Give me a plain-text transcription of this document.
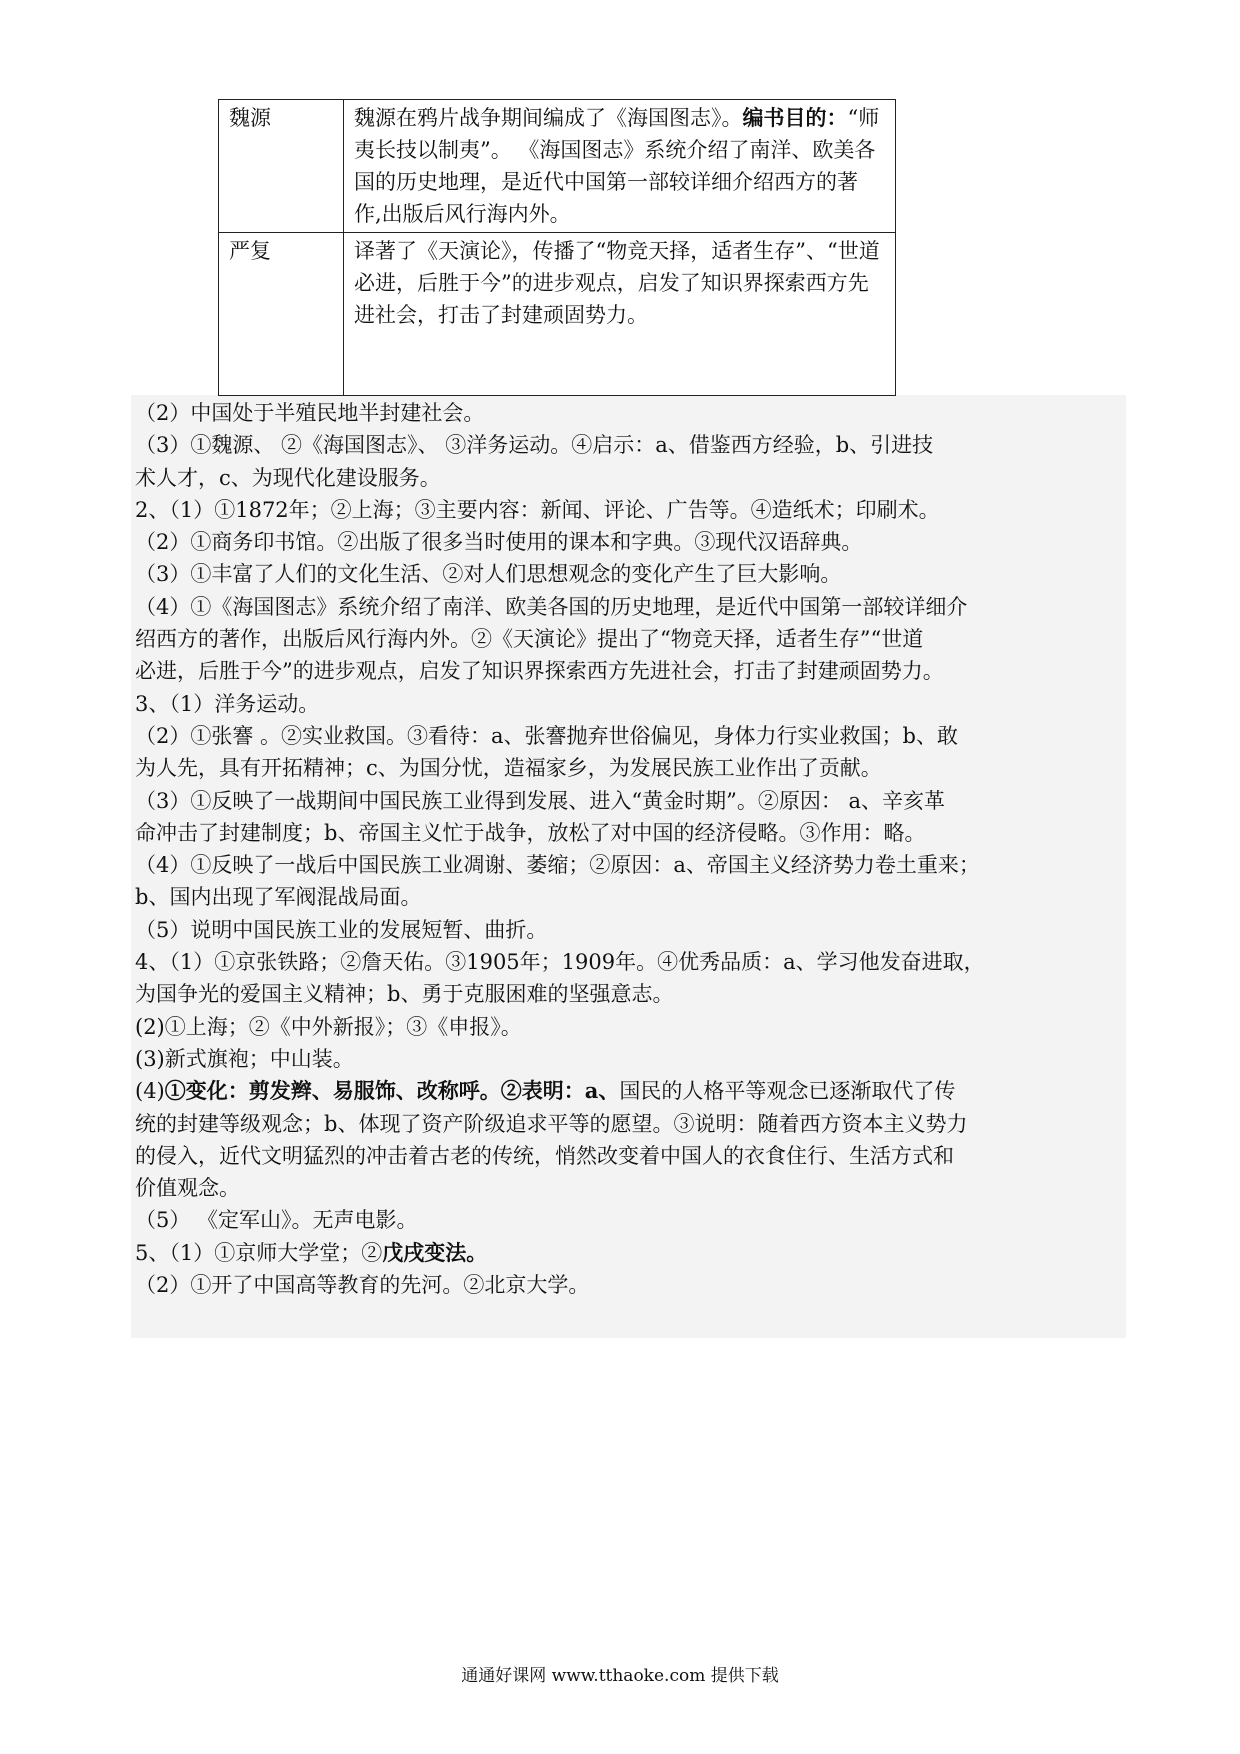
魏源	魏源在鸦片战争期间编成了《海国图志》。编书目的：“师夷长技以制夷”。 《海国图志》系统介绍了南洋、欧美各国的历史地理，是近代中国第一部较详细介绍西方的著作,出版后风行海内外。
严复	译著了《天演论》，传播了“物竞天择，适者生存”、“世道必进，后胜于今”的进步观点，启发了知识界探索西方先进社会，打击了封建顽固势力。
（2）中国处于半殖民地半封建社会。
（3）①魏源、 ②《海国图志》、 ③洋务运动。④启示：a、借鉴西方经验，b、引进技
术人才，c、为现代化建设服务。
2、（1）①1872年；②上海；③主要内容：新闻、评论、广告等。④造纸术；印刷术。
（2）①商务印书馆。②出版了很多当时使用的课本和字典。③现代汉语辞典。
（3）①丰富了人们的文化生活、②对人们思想观念的变化产生了巨大影响。
（4）①《海国图志》系统介绍了南洋、欧美各国的历史地理，是近代中国第一部较详细介
绍西方的著作，出版后风行海内外。②《天演论》提出了“物竞天择，适者生存”“世道
必进，后胜于今”的进步观点，启发了知识界探索西方先进社会，打击了封建顽固势力。
3、（1）洋务运动。
（2）①张謇 。②实业救国。③看待：a、张謇抛弃世俗偏见，身体力行实业救国；b、敢
为人先，具有开拓精神；c、为国分忧，造福家乡，为发展民族工业作出了贡献。
（3）①反映了一战期间中国民族工业得到发展、进入“黄金时期”。②原因： a、辛亥革
命冲击了封建制度；b、帝国主义忙于战争，放松了对中国的经济侵略。③作用：略。
（4）①反映了一战后中国民族工业凋谢、萎缩；②原因：a、帝国主义经济势力卷土重来；
b、国内出现了军阀混战局面。
（5）说明中国民族工业的发展短暂、曲折。
4、（1）①京张铁路；②詹天佑。③1905年；1909年。④优秀品质：a、学习他发奋进取，
为国争光的爱国主义精神；b、勇于克服困难的坚强意志。
(2)①上海；②《中外新报》；③《申报》。
(3)新式旗袍；中山装。
(4)①变化：剪发辫、易服饰、改称呼。②表明：a、国民的人格平等观念已逐渐取代了传
统的封建等级观念；b、体现了资产阶级追求平等的愿望。③说明：随着西方资本主义势力
的侵入，近代文明猛烈的冲击着古老的传统，悄然改变着中国人的衣食住行、生活方式和
价值观念。
（5） 《定军山》。无声电影。
5、（1）①京师大学堂；②戊戌变法。
（2）①开了中国高等教育的先河。②北京大学。
通通好课网 www.tthaoke.com 提供下载
